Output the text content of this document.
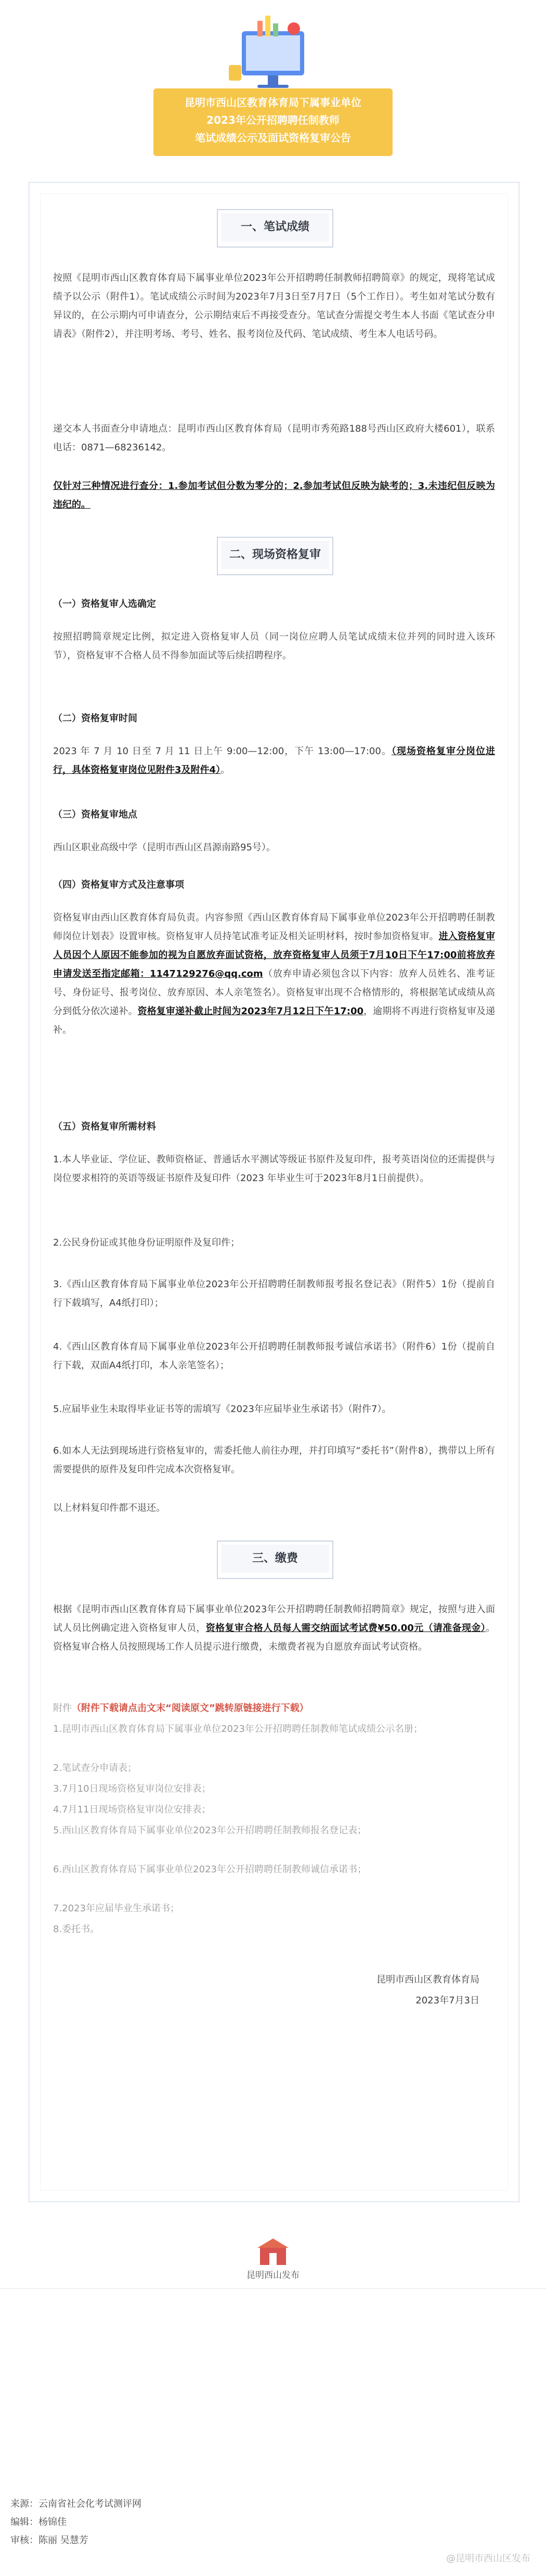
昆明市西山区教育体育局下属事业单位
2023年公开招聘聘任制教师
笔试成绩公示及面试资格复审公告
一、笔试成绩
按照《昆明市西山区教育体育局下属事业单位2023年公开招聘聘任制教师招聘简章》的规定，现将笔试成绩予以公示（附件1）。笔试成绩公示时间为2023年7月3日至7月7日（5个工作日）。考生如对笔试分数有异议的，在公示期内可申请查分，公示期结束后不再接受查分。笔试查分需提交考生本人书面《笔试查分申请表》（附件2），并注明考场、考号、姓名、报考岗位及代码、笔试成绩、考生本人电话号码。
递交本人书面查分申请地点：昆明市西山区教育体育局（昆明市秀苑路188号西山区政府大楼601），联系电话：0871—68236142。
仅针对三种情况进行查分：1.参加考试但分数为零分的；2.参加考试但反映为缺考的；3.未违纪但反映为违纪的。
二、现场资格复审
（一）资格复审人选确定
按照招聘简章规定比例，拟定进入资格复审人员（同一岗位应聘人员笔试成绩末位并列的同时进入该环节），资格复审不合格人员不得参加面试等后续招聘程序。
（二）资格复审时间
2023 年 7 月 10 日至 7 月 11 日上午 9:00—12:00，下午 13:00—17:00。（现场资格复审分岗位进行，具体资格复审岗位见附件3及附件4）。
（三）资格复审地点
西山区职业高级中学（昆明市西山区昌源南路95号）。
（四）资格复审方式及注意事项
资格复审由西山区教育体育局负责。内容参照《西山区教育体育局下属事业单位2023年公开招聘聘任制教师岗位计划表》设置审核。资格复审人员持笔试准考证及相关证明材料，按时参加资格复审。进入资格复审人员因个人原因不能参加的视为自愿放弃面试资格，放弃资格复审人员须于7月10日下午17:00前将放弃申请发送至指定邮箱：1147129276@qq.com（放弃申请必须包含以下内容：放弃人员姓名、准考证号、身份证号、报考岗位、放弃原因、本人亲笔签名）。资格复审出现不合格情形的，将根据笔试成绩从高分到低分依次递补。资格复审递补截止时间为2023年7月12日下午17:00，逾期将不再进行资格复审及递补。
（五）资格复审所需材料
1.本人毕业证、学位证、教师资格证、普通话水平测试等级证书原件及复印件，报考英语岗位的还需提供与岗位要求相符的英语等级证书原件及复印件（2023 年毕业生可于2023年8月1日前提供）。
2.公民身份证或其他身份证明原件及复印件；
3.《西山区教育体育局下属事业单位2023年公开招聘聘任制教师报考报名登记表》（附件5）1份（提前自行下载填写，A4纸打印）；
4.《西山区教育体育局下属事业单位2023年公开招聘聘任制教师报考诚信承诺书》（附件6）1份（提前自行下载，双面A4纸打印，本人亲笔签名）；
5.应届毕业生未取得毕业证书等的需填写《2023年应届毕业生承诺书》（附件7）。
6.如本人无法到现场进行资格复审的，需委托他人前往办理，并打印填写“委托书”（附件8），携带以上所有需要提供的原件及复印件完成本次资格复审。
以上材料复印件都不退还。
三、缴费
根据《昆明市西山区教育体育局下属事业单位2023年公开招聘聘任制教师招聘简章》规定，按照与进入面试人员比例确定进入资格复审人员，资格复审合格人员每人需交纳面试考试费¥50.00元（请准备现金）。资格复审合格人员按照现场工作人员提示进行缴费，未缴费者视为自愿放弃面试考试资格。
附件（附件下载请点击文末“阅读原文”跳转原链接进行下载）
1.昆明市西山区教育体育局下属事业单位2023年公开招聘聘任制教师笔试成绩公示名册；
2.笔试查分申请表；
3.7月10日现场资格复审岗位安排表；
4.7月11日现场资格复审岗位安排表；
5.西山区教育体育局下属事业单位2023年公开招聘聘任制教师报名登记表；
6.西山区教育体育局下属事业单位2023年公开招聘聘任制教师诚信承诺书；
7.2023年应届毕业生承诺书；
8.委托书。
昆明市西山区教育体育局
2023年7月3日
昆明西山发布
来源：云南省社会化考试测评网
编辑：杨锦佳
审核：陈丽 吴慧芳
@昆明市西山区发布
